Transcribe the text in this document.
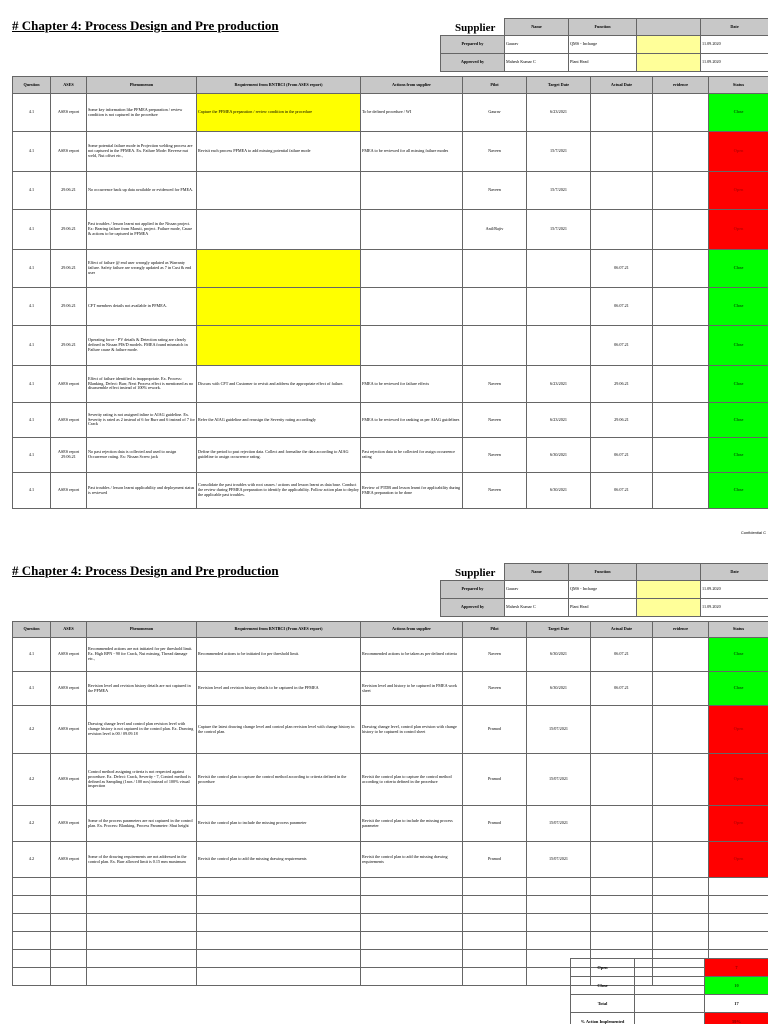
# Chapter 4: Process Design and Pre production	Supplier
		Name	Function		Date
Prepared by	Gaurav	QMS - Incharge		11.09.2020
Approved by	Mahesh Kumar C	Plant Head		11.09.2020
Question	ASES	Phenomenon	Requirement from RNTBCI (From ASES report)	Actions from supplier	Pilot	Target Date	Actual Date	evidence	Status
4.1	ASES report	Some key information like PFMEA preparation / review condition is not captured in the procedure	Capture the PFMEA preparation / review condition in the procedure	To be defined procedure / WI	Gaurav	6/23/2021			Close
4.1	ASES report	Some potential failure mode in Projection welding process are not captured in the PFMEA. Ex. Failure Mode: Reverse nut weld, Nut offset etc.,	Revisit each process PFMEA to add missing potential failure mode	FMEA to be reviewed for all missing failure modes	Naveen	15/7/2021			Open
4.1	29.06.21	No occurrence back up data available or evidenced for FMEA.			Naveen	15/7/2021			Open
4.1	29.06.21	Past troubles / lesson learnt not applied in the Nissan project. Ex: Bearing failure from Maruti, project. Failure mode, Cause & actions to be captured in PFMEA			Anil/Rajiv	15/7/2021			Open
4.1	29.06.21	Effect of failure @ end user wrongly updated as Warranty failure. Safety failure are wrongly updated as 7 in Cust & end user					06.07.21		Close
4.1	29.06.21	CFT members details not available in PFMEA.					06.07.21		Close
4.1	29.06.21	Operating force - PV details & Detection rating are clearly defined in Nissan PIS/D models. FMEA found mismatch in Failure cause & failure mode.					06.07.21		Close
4.1	ASES report	Effect of failure identified is inappropriate. Ex. Process: Blanking, Defect: Burr, Next Process effect is mentioned as no disassemble effect instead of 100% rework.	Discuss with CFT and Customer to revisit and address the appropriate effect of failure.	FMEA to be reviewed for failure effects	Naveen	6/23/2021	29.06.21		Close
4.1	ASES report	Severity rating is not assigned inline to AIAG guideline. Ex. Severity is rated as 2 instead of 6 for Burr and 6 instead of 7 for Crack	Refer the AIAG guideline and reassign the Severity rating accordingly	FMEA to be reviewed for ranking as per AIAG guidelines	Naveen	6/23/2021	29.06.21		Close
4.1	ASES report 29.06.21	No past rejection data is collected and used to assign Occurrence rating. Ex: Nissan Screw jack	Define the period to past rejection data. Collect and formalise the data according to AIAG guideline to assign occurrence rating.	Past rejection data to be collected for assign occurrence rating	Naveen	6/30/2021	06.07.21		Close
4.1	ASES report	Past troubles / lesson learnt applicability and deployment status is reviewed	Consolidate the past troubles with root causes / actions and lesson learnt as data base. Conduct the review during PFMEA preparation to identify the applicability. Follow action plan to deploy the applicable past troubles.	Review of PTDB and lesson learnt for applicability during FMEA preparation to be done	Naveen	6/30/2021	06.07.21		Close
Confidential C
# Chapter 4: Process Design and Pre production	Supplier
		Name	Function		Date
Prepared by	Gaurav	QMS - Incharge		11.09.2020
Approved by	Mahesh Kumar C	Plant Head		11.09.2020
Question	ASES	Phenomenon	Requirement from RNTBCI (From ASES report)	Actions from supplier	Pilot	Target Date	Actual Date	evidence	Status
4.1	ASES report	Recommended actions are not initiated for per threshold limit. Ex. High RPN - 90 for Crack, Nut missing, Thread damage etc.,	Recommended actions to be initiated for per threshold limit.	Recommended actions to be taken as per defined criteria	Naveen	6/30/2021	06.07.21		Close
4.1	ASES report	Revision level and revision history details are not captured in the PFMEA	Revision level and revision history details to be captured in the PFMEA	Revision level and history to be captured in FMEA work sheet	Naveen	6/30/2021	06.07.21		Close
4.2	ASES report	Drawing change level and control plan revision level with change history is not captured in the control plan. Ex. Drawing revision level is 00 / 09.09.18	Capture the latest drawing change level and control plan revision level with change history in the control plan.	Drawing change level, control plan revision with change history to be captured in control sheet	Pramod	15/07/2021			Open
4.2	ASES report	Control method assigning criteria is not respected against procedure. Ex. Defect: Crack, Severity - 7, Control method is defined as Sampling (1nos / 100 nos) instead of 100% visual inspection	Revisit the control plan to capture the control method according to criteria defined in the procedure	Revisit the control plan to capture the control method according to criteria defined in the procedure	Pramod	15/07/2021			Open
4.2	ASES report	Some of the process parameters are not captured in the control plan. Ex. Process: Blanking, Process Parameter: Shut height	Revisit the control plan to include the missing process parameter	Revisit the control plan to include the missing process parameter	Pramod	15/07/2021			Open
4.2	ASES report	Some of the drawing requirements are not addressed in the control plan. Ex. Burr allowed limit is 0.15 mm maximum	Revisit the control plan to add the missing drawing requirements	Revisit the control plan to add the missing drawing requirements	Pramod	15/07/2021			Open

Open		7
Close		10
Total		17
% Action Implemented		59%
